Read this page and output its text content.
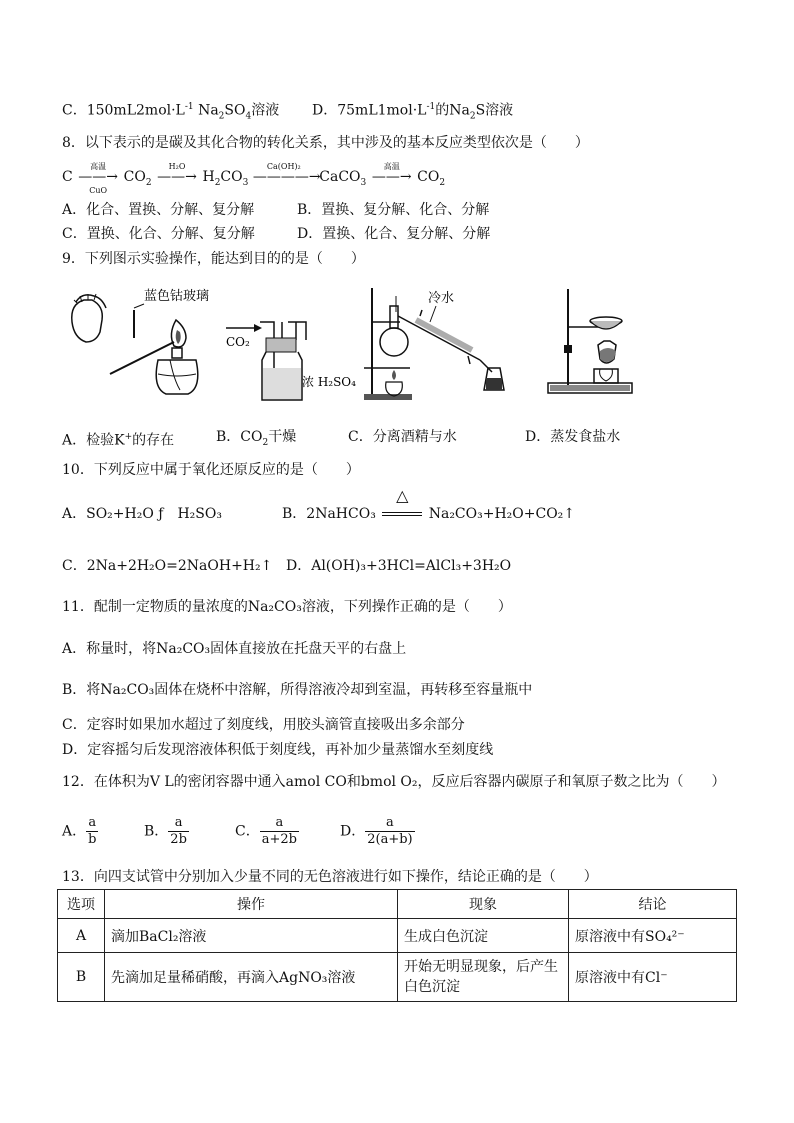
C．$150mL2mol\cdot L^{-1}$ $Na_2SO_4$溶液 D．$75mL1mol\cdot L^{-1}$的$Na_2S$溶液
8．以下表示的是碳及其化合物的转化关系，其中涉及的基本反应类型依次是（　　）
C
高温
——→
CuO
$CO_2$
H₂O
——→ $H_2CO_3$
Ca(OH)₂
————→ CaCO$_3$
高温
——→ $CO_2$
A．化合、置换、分解、复分解	B．置换、复分解、化合、分解
C．置换、化合、分解、复分解	D．置换、化合、复分解、分解
9．下列图示实验操作，能达到目的的是（　　）
蓝色钴玻璃
CO₂
浓 H₂SO₄
冷水
A．检验K+的存在	B．$CO_2$干燥	C．分离酒精与水	D．蒸发食盐水
10．下列反应中属于氧化还原反应的是（　　）
A．SO₂+H₂O ƒ　H₂SO₃	B．2NaHCO₃
△
Na₂CO₃+H₂O+CO₂↑
C．2Na+2H₂O=2NaOH+H₂↑ D．Al(OH)₃+3HCl=AlCl₃+3H₂O
11．配制一定物质的量浓度的Na₂CO₃溶液，下列操作正确的是（　　）
A．称量时，将Na₂CO₃固体直接放在托盘天平的右盘上
B．将Na₂CO₃固体在烧杯中溶解，所得溶液冷却到室温，再转移至容量瓶中
C．定容时如果加水超过了刻度线，用胶头滴管直接吸出多余部分
D．定容摇匀后发现溶液体积低于刻度线，再补加少量蒸馏水至刻度线
12．在体积为V L的密闭容器中通入amol CO和bmol O₂，反应后容器内碳原子和氧原子数之比为（　　）
A． $\frac{a}{b}$	B． $\frac{a}{2b}$	C． $\frac{a}{a+2b}$	D． $\frac{a}{2(a+b)}$
13．向四支试管中分别加入少量不同的无色溶液进行如下操作，结论正确的是（　　）
选项	操作	现象	结论
A	滴加BaCl₂溶液	生成白色沉淀	原溶液中有SO₄²⁻
B	先滴加足量稀硝酸，再滴入AgNO₃溶液	开始无明显现象，后产生白色沉淀	原溶液中有Cl⁻
